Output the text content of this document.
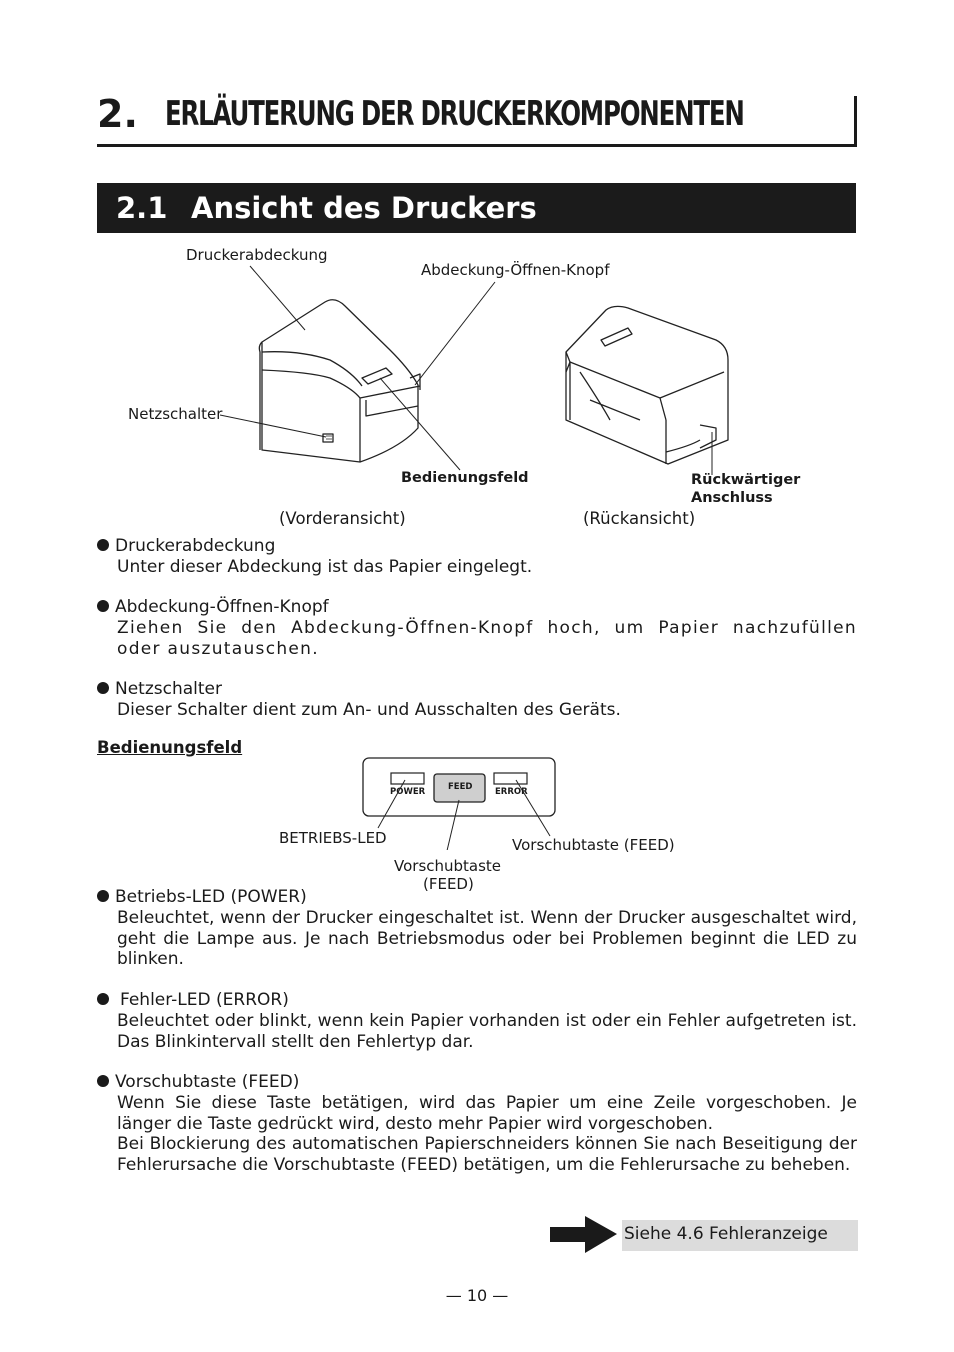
2. ERLÄUTERUNG DER DRUCKERKOMPONENTEN
2.1 Ansicht des Druckers
Druckerabdeckung
Abdeckung-Öffnen-Knopf
Netzschalter
Bedienungsfeld	Rückwärtiger
Anschluss
(Vorderansicht)	(Rückansicht)
Druckerabdeckung
Unter dieser Abdeckung ist das Papier eingelegt.
Abdeckung-Öffnen-Knopf
Ziehen Sie den Abdeckung-Öffnen-Knopf hoch, um Papier nachzufüllen oder auszutauschen.
Netzschalter
Dieser Schalter dient zum An- und Ausschalten des Geräts.
Bedienungsfeld
POWER	FEED	ERROR
BETRIEBS-LED
Vorschubtaste
(FEED)
Vorschubtaste (FEED)
Betriebs-LED (POWER)
Beleuchtet, wenn der Drucker eingeschaltet ist. Wenn der Drucker ausgeschaltet wird, geht die Lampe aus. Je nach Betriebsmodus oder bei Problemen beginnt die LED zu blinken.
Fehler-LED (ERROR)
Beleuchtet oder blinkt, wenn kein Papier vorhanden ist oder ein Fehler aufgetreten ist. Das Blinkintervall stellt den Fehlertyp dar.
Vorschubtaste (FEED)
Wenn Sie diese Taste betätigen, wird das Papier um eine Zeile vorgeschoben. Je länger die Taste gedrückt wird, desto mehr Papier wird vorgeschoben.
Bei Blockierung des automatischen Papierschneiders können Sie nach Beseitigung der Fehlerursache die Vorschubtaste (FEED) betätigen, um die Fehlerursache zu beheben.
Siehe 4.6 Fehleranzeige
— 10 —
